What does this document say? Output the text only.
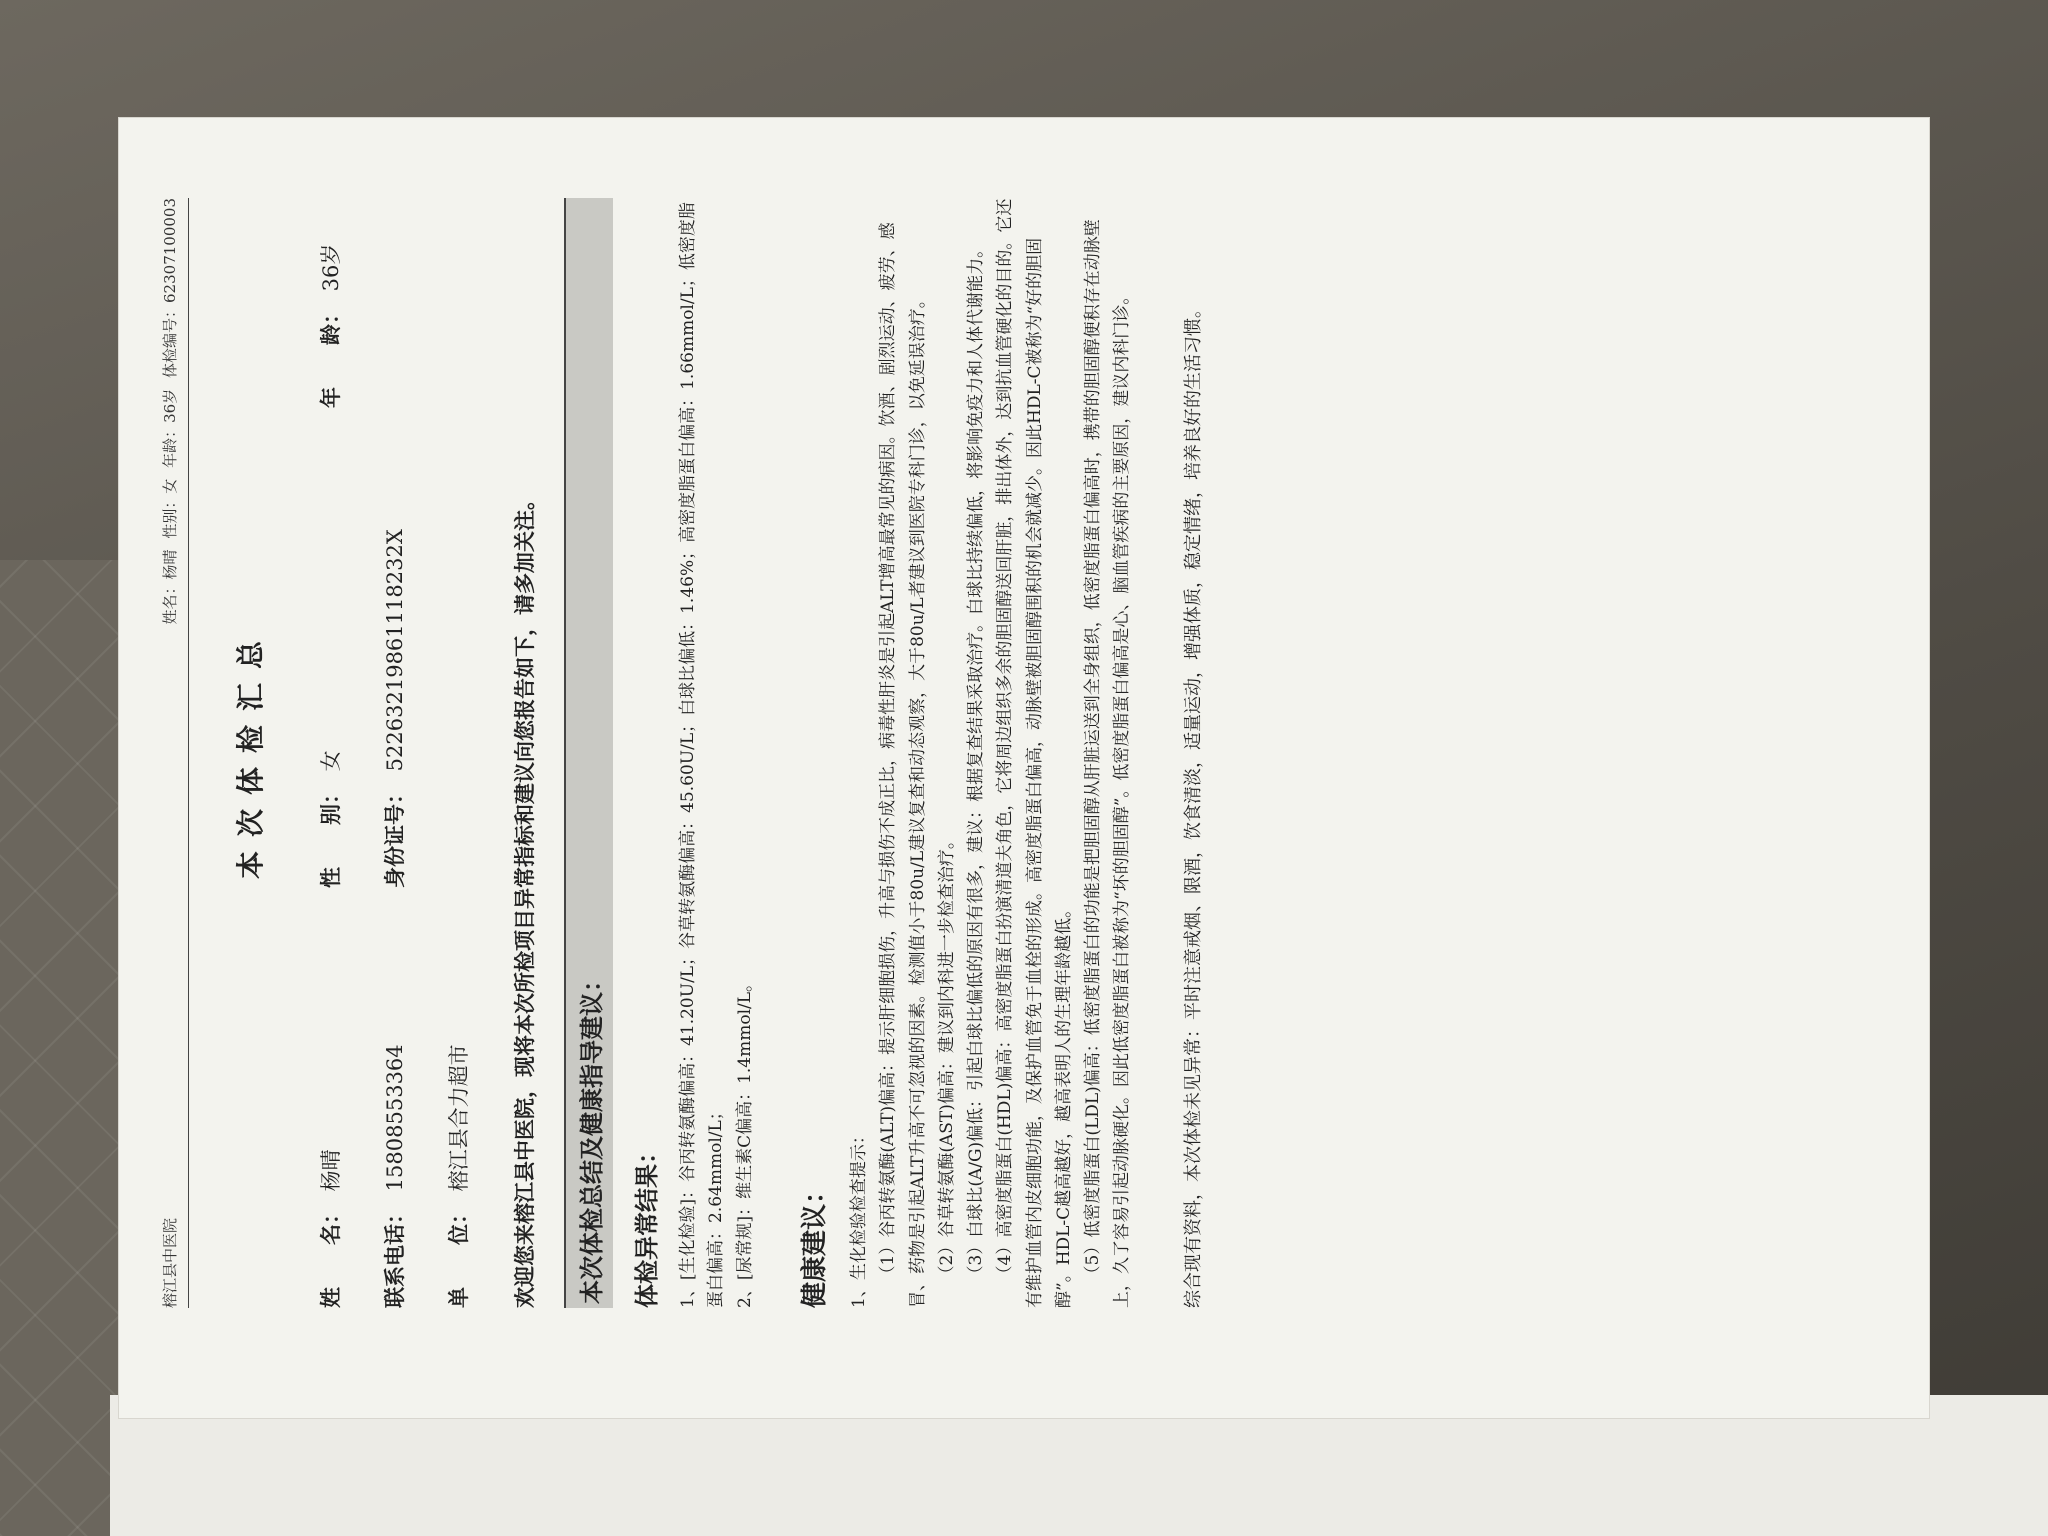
榕江县中医院
姓名：杨晴 性别：女 年龄：36岁 体检编号：62307100003
本次体检汇总
姓　　名： 杨晴
性　　别： 女
年　　龄： 36岁
联系电话： 15808553364
身份证号： 52263219861118232X
单　　位： 榕江县合力超市 欢迎您来榕江县中医院，现将本次所检项目异常指标和建议向您报告如下，请多加关注。	本次体检总结及健康指导建议： 体检异常结果： 1、[生化检验]：谷丙转氨酶偏高：41.20U/L；谷草转氨酶偏高：45.60U/L；白球比偏低：1.46%；高密度脂蛋白偏高：1.66mmol/L；低密度脂蛋白偏高：2.64mmol/L； 2、[尿常规]：维生素C偏高：1.4mmol/L。 健康建议： 1、生化检验检查提示： （1）谷丙转氨酶(ALT)偏高：提示肝细胞损伤，升高与损伤不成正比，病毒性肝炎是引起ALT增高最常见的病因。饮酒、剧烈运动、疲劳、感冒、药物是引起ALT升高不可忽视的因素。检测值小于80u/L建议复查和动态观察，大于80u/L者建议到医院专科门诊，以免延误治疗。 （2）谷草转氨酶(AST)偏高：建议到内科进一步检查治疗。 （3）白球比(A/G)偏低：引起白球比偏低的原因有很多，建议：根据复查结果采取治疗。白球比持续偏低，将影响免疫力和人体代谢能力。 （4）高密度脂蛋白(HDL)偏高：高密度脂蛋白扮演清道夫角色，它将周边组织多余的胆固醇送回肝脏，排出体外，达到抗血管硬化的目的。它还有维护血管内皮细胞功能，及保护血管免于血栓的形成。高密度脂蛋白偏高，动脉壁被胆固醇围积的机会就减少。因此HDL-C被称为“好的胆固醇”。HDL-C越高越好，越高表明人的生理年龄越低。 （5）低密度脂蛋白(LDL)偏高：低密度脂蛋白的功能是把胆固醇从肝脏运送到全身组织，低密度脂蛋白偏高时，携带的胆固醇便积存在动脉壁上，久了容易引起动脉硬化。因此低密度脂蛋白被称为“坏的胆固醇”。低密度脂蛋白偏高是心、脑血管疾病的主要原因，建议内科门诊。	综合现有资料，本次体检未见异常：平时注意戒烟、限酒，饮食清淡，适量运动，增强体质，稳定情绪，培养良好的生活习惯。
